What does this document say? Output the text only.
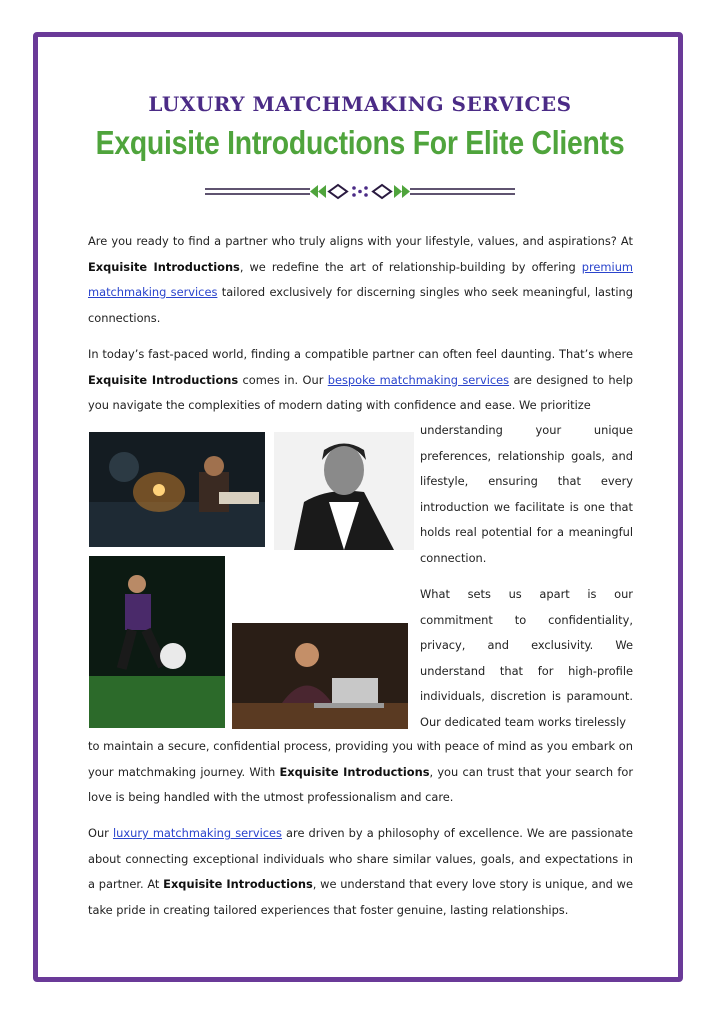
LUXURY MATCHMAKING SERVICES
Exquisite Introductions For Elite Clients
Are you ready to find a partner who truly aligns with your lifestyle, values, and aspirations? At Exquisite Introductions, we redefine the art of relationship-building by offering premium matchmaking services tailored exclusively for discerning singles who seek meaningful, lasting connections.
In today’s fast-paced world, finding a compatible partner can often feel daunting. That’s where Exquisite Introductions comes in. Our bespoke matchmaking services are designed to help you navigate the complexities of modern dating with confidence and ease. We prioritize
understanding your unique preferences, relationship goals, and lifestyle, ensuring that every introduction we facilitate is one that holds real potential for a meaningful connection.
What sets us apart is our commitment to confidentiality, privacy, and exclusivity. We understand that for high-profile individuals, discretion is paramount. Our dedicated team works tirelessly
to maintain a secure, confidential process, providing you with peace of mind as you embark on your matchmaking journey. With Exquisite Introductions, you can trust that your search for love is being handled with the utmost professionalism and care.
Our luxury matchmaking services are driven by a philosophy of excellence. We are passionate about connecting exceptional individuals who share similar values, goals, and expectations in a partner. At Exquisite Introductions, we understand that every love story is unique, and we take pride in creating tailored experiences that foster genuine, lasting relationships.
